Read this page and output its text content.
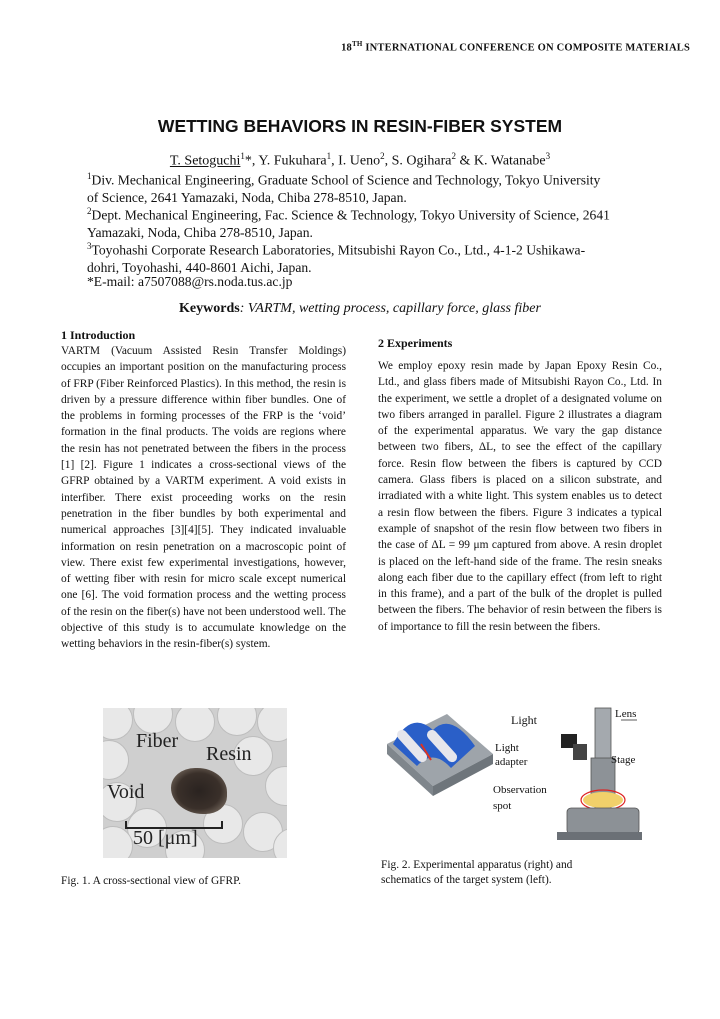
18TH INTERNATIONAL CONFERENCE ON COMPOSITE MATERIALS
WETTING BEHAVIORS IN RESIN-FIBER SYSTEM
T. Setoguchi$^1$*, Y. Fukuhara$^1$, I. Ueno$^2$, S. Ogihara$^2$ & K. Watanabe$^3$
$^1$Div. Mechanical Engineering, Graduate School of Science and Technology, Tokyo University
of Science, 2641 Yamazaki, Noda, Chiba 278-8510, Japan.
$^2$Dept. Mechanical Engineering, Fac. Science & Technology, Tokyo University of Science, 2641
Yamazaki, Noda, Chiba 278-8510, Japan.
$^3$Toyohashi Corporate Research Laboratories, Mitsubishi Rayon Co., Ltd., 4-1-2 Ushikawa-
dohri, Toyohashi, 440-8601 Aichi, Japan.
*E-mail: a7507088@rs.noda.tus.ac.jp
Keywords: VARTM, wetting process, capillary force, glass fiber
1 Introduction
VARTM (Vacuum Assisted Resin Transfer Moldings) occupies an important position on the manufacturing process of FRP (Fiber Reinforced Plastics). In this method, the resin is driven by a pressure difference within fiber bundles. One of the problems in forming processes of the FRP is the ‘void’ formation in the final products. The voids are regions where the resin has not penetrated between the fibers in the process [1] [2]. Figure 1 indicates a cross-sectional views of the GFRP obtained by a VARTM experiment. A void exists in interfiber. There exist proceeding works on the resin penetration in the fiber bundles by both experimental and numerical approaches [3][4][5]. They indicated invaluable information on resin penetration on a macroscopic point of view. There exist few experimental investigations, however, of wetting fiber with resin for micro scale except numerical one [6]. The void formation process and the wetting process of the resin on the fiber(s) have not been understood well. The objective of this study is to accumulate knowledge on the wetting behaviors in the resin-fiber(s) system.
2 Experiments
We employ epoxy resin made by Japan Epoxy Resin Co., Ltd., and glass fibers made of Mitsubishi Rayon Co., Ltd. In the experiment, we settle a droplet of a designated volume on two fibers arranged in parallel. Figure 2 illustrates a diagram of the experimental apparatus. We vary the gap distance between two fibers, ΔL, to see the effect of the capillary force. Resin flow between the fibers is captured by CCD camera. Glass fibers is placed on a silicon substrate, and irradiated with a white light. This system enables us to detect a resin flow between the fibers. Figure 3 indicates a typical example of snapshot of the resin flow between two fibers in the case of ΔL = 99 μm captured from above. A resin droplet is placed on the left-hand side of the frame. The resin sneaks along each fiber due to the capillary effect (from left to right in this frame), and a part of the bulk of the droplet is pulled between the fibers. The behavior of resin between the fibers is of importance to fill the resin between the fibers.
Fiber
Resin
Void
50 [μm]
Fig. 1. A cross-sectional view of GFRP.
Light	Lens
Light
adapter	Stage
Observation
spot
Fig. 2. Experimental apparatus (right) and
schematics of the target system (left).
